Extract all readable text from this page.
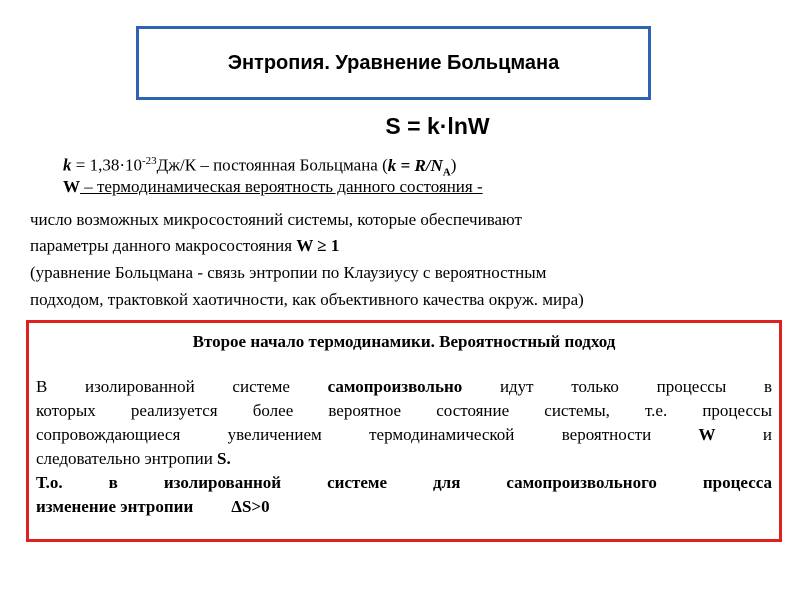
Энтропия. Уравнение Больцмана
S = k·lnW
$k = 1,38\cdot 10^{-23}Дж/К$ – постоянная Больцмана $(k = R/N_A)$
W – термодинамическая вероятность данного состояния -
число возможных микросостояний системы, которые обеспечивают
параметры данного макросостояния W ≥ 1
(уравнение Больцмана - связь энтропии по Клаузиусу с вероятностным
подходом, трактовкой хаотичности, как объективного качества окруж. мира)
Второе начало термодинамики. Вероятностный подход
В изолированной системе самопроизвольно идут только процессы в
которых реализуется более вероятное состояние системы, т.е. процессы
сопровождающиеся увеличением термодинамической вероятности W и
следовательно энтропии S.
Т.о. в изолированной системе для самопроизвольного процесса
изменение энтропии ΔS>0
